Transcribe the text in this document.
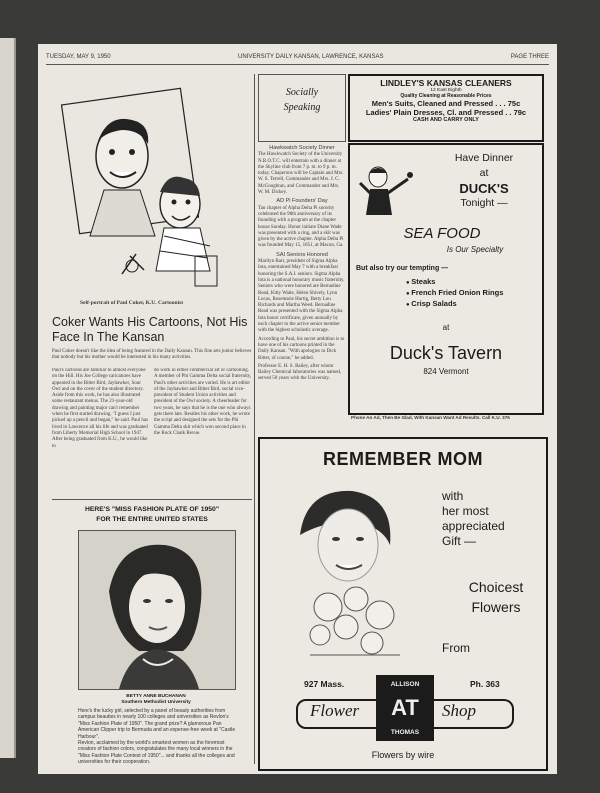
TUESDAY, MAY 9, 1950	UNIVERSITY DAILY KANSAN, LAWRENCE, KANSAS	PAGE THREE
Self-portrait of Paul Coker, K.U. Cartoonist
Coker Wants His Cartoons, Not His Face In The Kansan
Paul Coker doesn't like the idea of being featured in the Daily Kansan. This fine arts junior believes that nobody but his mother would be interested in his many activities.
Paul's cartoons are familiar to almost everyone on the Hill. His Joe College caricatures have appeared in the Bitter Bird, Jayhawker, Sour Owl and on the cover of the student directory. Aside from this work, he has also illustrated some restaurant menus. The 21-year-old drawing and painting major can't remember when he first started drawing. "I guess I just picked up a pencil and began," he said. Paul has lived in Lawrence all his life and was graduated from Liberty Memorial High School in 1947. After being graduated from K.U., he would like to
do work in either commercial art or cartooning. A member of Phi Gamma Delta social fraternity, Paul's other activities are varied. He is art editor of the Jayhawker and Bitter Bird, social vice-president of Student Union activities and president of the Owl society. A cheerleader for two years, he says that he is the one who always gets there late. Besides his other work, he wrote the script and designed the sets for the Phi Gamma Delta skit which won second place in the Rock Chalk Revue.
HERE'S "MISS FASHION PLATE OF 1950"
FOR THE ENTIRE UNITED STATES
BETTY ANNE BUCHANAN
Southern Methodist University
Here's the lucky girl, selected by a panel of beauty authorities from campus beauties in nearly 100 colleges and universities as Revlon's "Miss Fashion Plate of 1950". The grand prize? A glamorous Pan American Clipper trip to Bermuda and an expense-free week at "Castle Harbour".
Revlon, acclaimed by the world's smartest women as the foremost creators of fashion colors, congratulates the many local winners in the "Miss Fashion Plate Contest of 1950"... and thanks all the colleges and universities for their cooperation.
Socially
Speaking
Hawkwatch Society Dinner
The Hawkwatch Society of the University N.R.O.T.C. will entertain with a dinner at the Skyline club from 7 p. m. to 9 p. m. today. Chaperons will be Captain and Mrs. W. S. Terrell, Commander and Mrs. J. C. McGoughran, and Commander and Mrs. W. M. Dickey.
AD Pi Founders' Day
Tau chapter of Alpha Delta Pi sorority celebrated the 98th anniversary of its founding with a program at the chapter house Sunday. Honor initiate Diane Wade was presented with a ring, and a skit was given by the active chapter. Alpha Delta Pi was founded May 15, 1851, at Macon, Ga.
SAI Seniors Honored
Marilyn Barr, president of Sigma Alpha Iota, entertained May 7 with a breakfast honoring the S.A.I. seniors. Sigma Alpha Iota is a national honorary music fraternity. Seniors who were honored are Bernadine Read, Kitty Waite, Helen Shively, Lynn Lucas, Rosemarie Hurtig, Betty Lou Richards and Martha Weed. Bernadine Read was presented with the Sigma Alpha Iota honor certificate, given annually by each chapter to the active senior member with the highest scholastic average.
According to Paul, his secret ambition is to have one of his cartoons printed in the Daily Kansan. "With apologies to Dick Ritter, of course," he added.
Professor E. H. S. Bailey, after whom Bailey Chemical laboratories was named, served 50 years with the University.
LINDLEY'S KANSAS CLEANERS
12 East Eighth
Quality Cleaning at Reasonable Prices
Men's Suits, Cleaned and Pressed . . . 75c
Ladies' Plain Dresses, Cl. and Pressed . . 79c
CASH AND CARRY ONLY
Have Dinner
at
DUCK'S
Tonight —
SEA FOOD
Is Our Specialty
But also try our tempting —
● Steaks
● French Fried Onion Rings
● Crisp Salads
at
Duck's Tavern
824 Vermont
Phone An Ad, Then Be Glad, With Kansan Want Ad Results. Call K.U. 376
REMEMBER MOM
with
her most
appreciated
Gift —
Choicest
Flowers
From
927 Mass.	Ph. 363
ALLISON
AT
THOMAS
Flower	Shop
Flowers by wire
